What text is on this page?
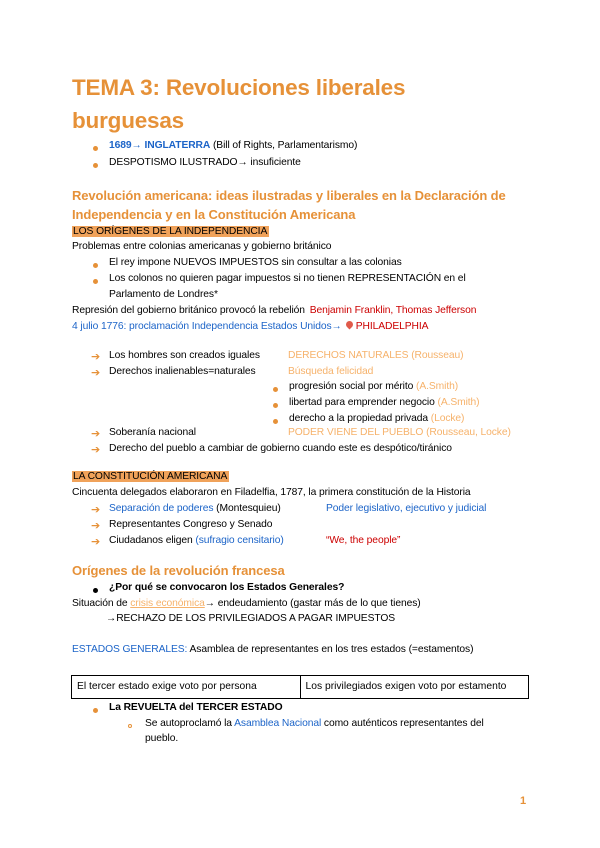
TEMA 3: Revoluciones liberales
burguesas
1689→ INGLATERRA (Bill of Rights, Parlamentarismo)
DESPOTISMO ILUSTRADO→ insuficiente
Revolución americana: ideas ilustradas y liberales en la Declaración de
Independencia y en la Constitución Americana
LOS ORÍGENES DE LA INDEPENDENCIA
Problemas entre colonias americanas y gobierno británico
El rey impone NUEVOS IMPUESTOS sin consultar a las colonias
Los colonos no quieren pagar impuestos si no tienen REPRESENTACIÓN en el
Parlamento de Londres*
Represión del gobierno británico provocó la rebelión Benjamin Franklin, Thomas Jefferson
4 julio 1776: proclamación Independencia Estados Unidos→ PHILADELPHIA
➔ Los hombres son creados iguales	DERECHOS NATURALES (Rousseau)
➔ Derechos inalienables=naturales	Búsqueda felicidad
progresión social por mérito (A.Smith)
libertad para emprender negocio (A.Smith)
derecho a la propiedad privada (Locke)
➔ Soberanía nacional	PODER VIENE DEL PUEBLO (Rousseau, Locke)
➔ Derecho del pueblo a cambiar de gobierno cuando este es despótico/tiránico
LA CONSTITUCIÓN AMERICANA
Cincuenta delegados elaboraron en Filadelfia, 1787, la primera constitución de la Historia
➔ Separación de poderes (Montesquieu)	Poder legislativo, ejecutivo y judicial
➔ Representantes Congreso y Senado
➔ Ciudadanos eligen (sufragio censitario)	“We, the people”
Orígenes de la revolución francesa
¿Por qué se convocaron los Estados Generales?
Situación de crisis económica→ endeudamiento (gastar más de lo que tienes)
→RECHAZO DE LOS PRIVILEGIADOS A PAGAR IMPUESTOS
ESTADOS GENERALES: Asamblea de representantes en los tres estados (=estamentos)
El tercer estado exige voto por persona	Los privilegiados exigen voto por estamento
La REVUELTA del TERCER ESTADO
Se autoproclamó la Asamblea Nacional como auténticos representantes del
pueblo.
1
